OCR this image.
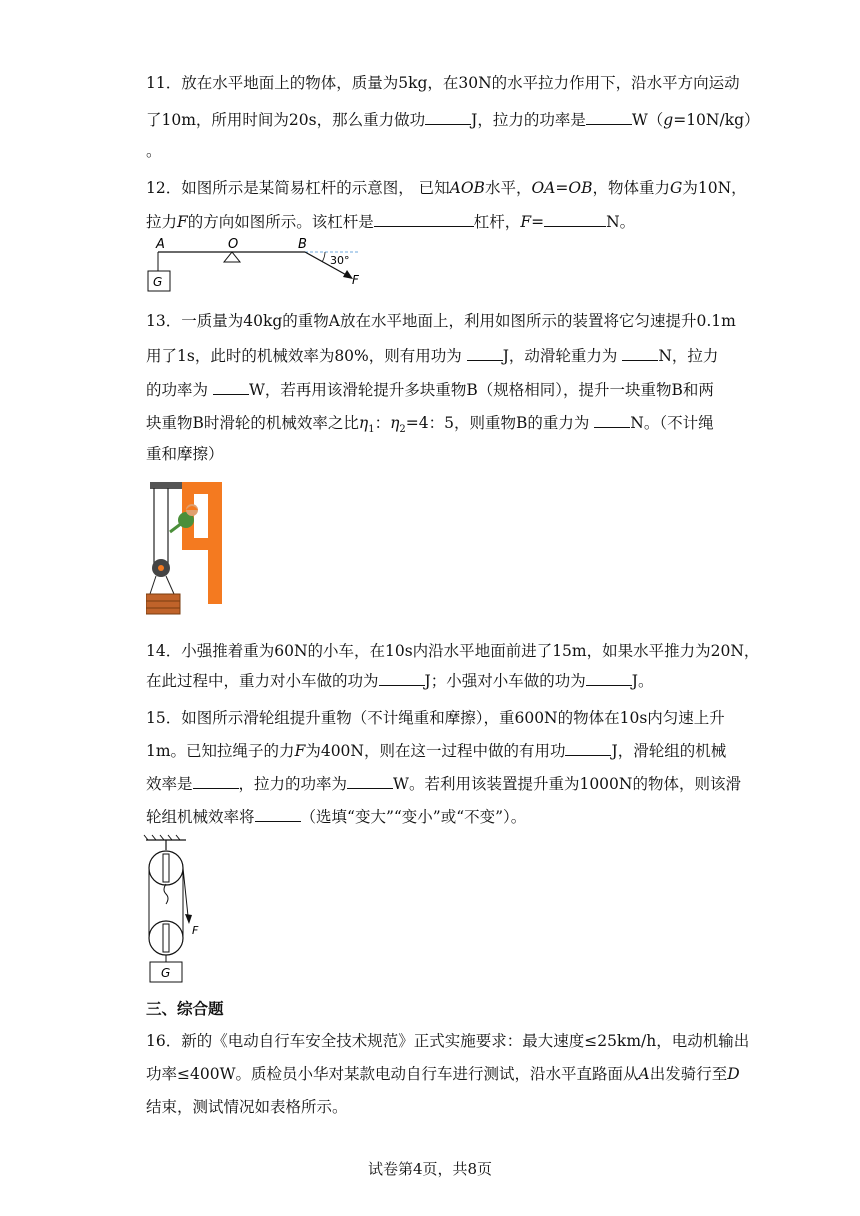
11．放在水平地面上的物体，质量为5kg，在30N的水平拉力作用下，沿水平方向运动
了10m，所用时间为20s，那么重力做功	J，拉力的功率是	W（g=10N/kg）
。
12．如图所示是某简易杠杆的示意图， 已知AOB水平，OA=OB，物体重力G为10N，
拉力F的方向如图所示。该杠杆是	杠杆，F=	N。
A	O	B
G
30°
F
13．一质量为40kg的重物A放在水平地面上，利用如图所示的装置将它匀速提升0.1m
用了1s，此时的机械效率为80%，则有用功为 J，动滑轮重力为 N，拉力
的功率为 W，若再用该滑轮提升多块重物B（规格相同），提升一块重物B和两
块重物B时滑轮的机械效率之比$\eta_1$：$\eta_2=4$：5，则重物B的重力为 N。（不计绳
重和摩擦）
14．小强推着重为60N的小车，在10s内沿水平地面前进了15m，如果水平推力为20N，
在此过程中，重力对小车做的功为	J；小强对小车做的功为	J。
15．如图所示滑轮组提升重物（不计绳重和摩擦），重600N的物体在10s内匀速上升
1m。已知拉绳子的力F为400N，则在这一过程中做的有用功	J，滑轮组的机械
效率是	，拉力的功率为	W。若利用该装置提升重为1000N的物体，则该滑
轮组机械效率将	（选填“变大”“变小”或“不变”）。
F
G
三、综合题
16．新的《电动自行车安全技术规范》正式实施要求：最大速度≤25km/h，电动机输出
功率≤400W。质检员小华对某款电动自行车进行测试，沿水平直路面从A出发骑行至D
结束，测试情况如表格所示。
试卷第4页，共8页
